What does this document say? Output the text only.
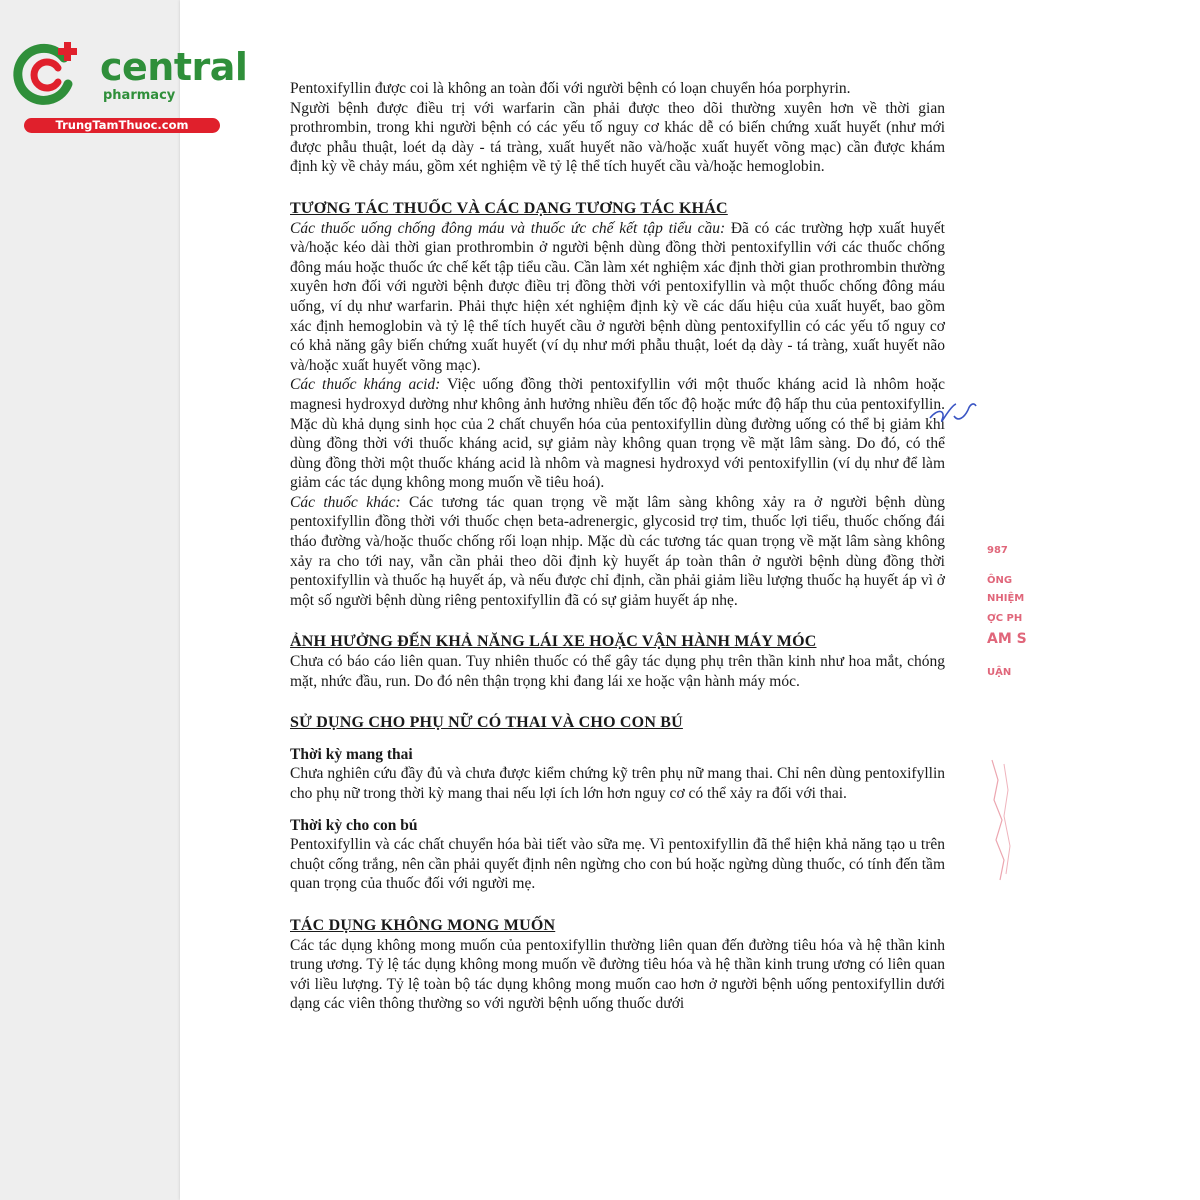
central
pharmacy
TrungTamThuoc.com

Pentoxifyllin được coi là không an toàn đối với người bệnh có loạn chuyển hóa porphyrin.

Người bệnh được điều trị với warfarin cần phải được theo dõi thường xuyên hơn về thời gian prothrombin, trong khi người bệnh có các yếu tố nguy cơ khác dễ có biến chứng xuất huyết (như mới được phẫu thuật, loét dạ dày - tá tràng, xuất huyết não và/hoặc xuất huyết võng mạc) cần được khám định kỳ về chảy máu, gồm xét nghiệm về tỷ lệ thể tích huyết cầu và/hoặc hemoglobin.

TƯƠNG TÁC THUỐC VÀ CÁC DẠNG TƯƠNG TÁC KHÁC

Các thuốc uống chống đông máu và thuốc ức chế kết tập tiểu cầu: Đã có các trường hợp xuất huyết và/hoặc kéo dài thời gian prothrombin ở người bệnh dùng đồng thời pentoxifyllin với các thuốc chống đông máu hoặc thuốc ức chế kết tập tiểu cầu. Cần làm xét nghiệm xác định thời gian prothrombin thường xuyên hơn đối với người bệnh được điều trị đồng thời với pentoxifyllin và một thuốc chống đông máu uống, ví dụ như warfarin. Phải thực hiện xét nghiệm định kỳ về các dấu hiệu của xuất huyết, bao gồm xác định hemoglobin và tỷ lệ thể tích huyết cầu ở người bệnh dùng pentoxifyllin có các yếu tố nguy cơ có khả năng gây biến chứng xuất huyết (ví dụ như mới phẫu thuật, loét dạ dày - tá tràng, xuất huyết não và/hoặc xuất huyết võng mạc).

Các thuốc kháng acid: Việc uống đồng thời pentoxifyllin với một thuốc kháng acid là nhôm hoặc magnesi hydroxyd dường như không ảnh hưởng nhiều đến tốc độ hoặc mức độ hấp thu của pentoxifyllin. Mặc dù khả dụng sinh học của 2 chất chuyển hóa của pentoxifyllin dùng đường uống có thể bị giảm khi dùng đồng thời với thuốc kháng acid, sự giảm này không quan trọng về mặt lâm sàng. Do đó, có thể dùng đồng thời một thuốc kháng acid là nhôm và magnesi hydroxyd với pentoxifyllin (ví dụ như để làm giảm các tác dụng không mong muốn về tiêu hoá).

Các thuốc khác: Các tương tác quan trọng về mặt lâm sàng không xảy ra ở người bệnh dùng pentoxifyllin đồng thời với thuốc chẹn beta-adrenergic, glycosid trợ tim, thuốc lợi tiểu, thuốc chống đái tháo đường và/hoặc thuốc chống rối loạn nhịp. Mặc dù các tương tác quan trọng về mặt lâm sàng không xảy ra cho tới nay, vẫn cần phải theo dõi định kỳ huyết áp toàn thân ở người bệnh dùng đồng thời pentoxifyllin và thuốc hạ huyết áp, và nếu được chỉ định, cần phải giảm liều lượng thuốc hạ huyết áp vì ở một số người bệnh dùng riêng pentoxifyllin đã có sự giảm huyết áp nhẹ.

ẢNH HƯỞNG ĐẾN KHẢ NĂNG LÁI XE HOẶC VẬN HÀNH MÁY MÓC

Chưa có báo cáo liên quan. Tuy nhiên thuốc có thể gây tác dụng phụ trên thần kinh như hoa mắt, chóng mặt, nhức đầu, run. Do đó nên thận trọng khi đang lái xe hoặc vận hành máy móc.

SỬ DỤNG CHO PHỤ NỮ CÓ THAI VÀ CHO CON BÚ
Thời kỳ mang thai

Chưa nghiên cứu đầy đủ và chưa được kiểm chứng kỹ trên phụ nữ mang thai. Chỉ nên dùng pentoxifyllin cho phụ nữ trong thời kỳ mang thai nếu lợi ích lớn hơn nguy cơ có thể xảy ra đối với thai.

Thời kỳ cho con bú

Pentoxifyllin và các chất chuyển hóa bài tiết vào sữa mẹ. Vì pentoxifyllin đã thể hiện khả năng tạo u trên chuột cống trắng, nên cần phải quyết định nên ngừng cho con bú hoặc ngừng dùng thuốc, có tính đến tầm quan trọng của thuốc đối với người mẹ.

TÁC DỤNG KHÔNG MONG MUỐN

Các tác dụng không mong muốn của pentoxifyllin thường liên quan đến đường tiêu hóa và hệ thần kinh trung ương. Tỷ lệ tác dụng không mong muốn về đường tiêu hóa và hệ thần kinh trung ương có liên quan với liều lượng. Tỷ lệ toàn bộ tác dụng không mong muốn cao hơn ở người bệnh uống pentoxifyllin dưới dạng các viên thông thường so với người bệnh uống thuốc dưới

987
ÔNG
NHIỆM
ỢC PH
AM S
UẬN
